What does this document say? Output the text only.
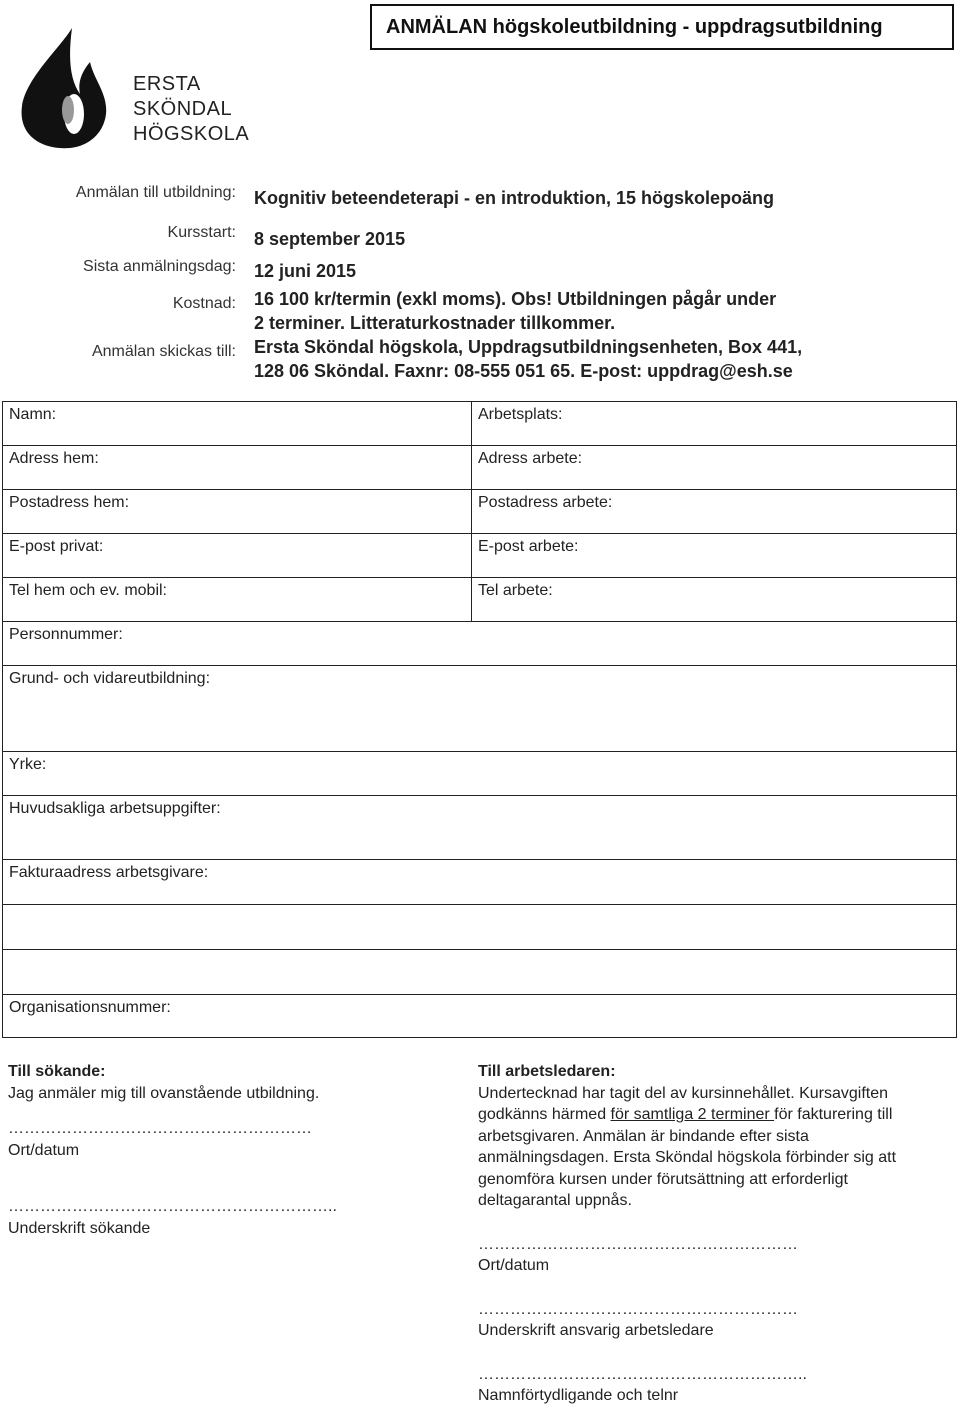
ANMÄLAN högskoleutbildning - uppdragsutbildning
ERSTA
SKÖNDAL
HÖGSKOLA
Anmälan till utbildning: Kognitiv beteendeterapi - en introduktion, 15 högskolepoäng
Kursstart: 8 september 2015
Sista anmälningsdag: 12 juni 2015
Kostnad: 16 100 kr/termin (exkl moms). Obs! Utbildningen pågår under
2 terminer. Litteraturkostnader tillkommer.
Anmälan skickas till: Ersta Sköndal högskola, Uppdragsutbildningsenheten, Box 441,
128 06 Sköndal. Faxnr: 08-555 051 65. E-post: uppdrag@esh.se
Namn:	Arbetsplats:
Adress hem:	Adress arbete:
Postadress hem:	Postadress arbete:
E-post privat:	E-post arbete:
Tel hem och ev. mobil:	Tel arbete:
Personnummer:
Grund- och vidareutbildning:
Yrke:
Huvudsakliga arbetsuppgifter:
Fakturaadress arbetsgivare:
Organisationsnummer:
Till sökande:
Jag anmäler mig till ovanstående utbildning.
…………………………………………………
Ort/datum
……………………………………………………..
Underskrift sökande
Till arbetsledaren:
Undertecknad har tagit del av kursinnehållet. Kursavgiften
godkänns härmed för samtliga 2 terminer för fakturering till
arbetsgivaren. Anmälan är bindande efter sista
anmälningsdagen. Ersta Sköndal högskola förbinder sig att
genomföra kursen under förutsättning att erforderligt
deltagarantal uppnås.
……………………………………………………
Ort/datum
……………………………………………………
Underskrift ansvarig arbetsledare
……………………………………………………..
Namnförtydligande och telnr
